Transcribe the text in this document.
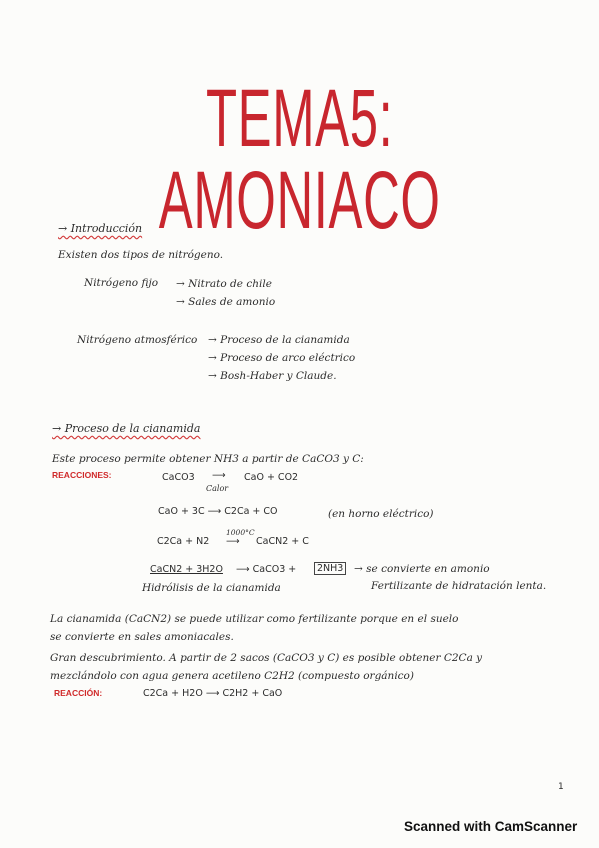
TEMA5: AMONIACO
→ Introducción
Existen dos tipos de nitrógeno.
Nitrógeno fijo → Nitrato de chile
→ Sales de amonio
Nitrógeno atmosférico → Proceso de la cianamida
→ Proceso de arco eléctrico
→ Bosh-Haber y Claude.
→ Proceso de la cianamida
Este proceso permite obtener NH3 a partir de CaCO3 y C:
REACCIONES:	CaCO3 ⟶
Calor
CaO + CO2
CaO + 3C ⟶ C2Ca + CO	(en horno eléctrico)
C2Ca + N2
1000°C
⟶ CaCN2 + C
CaCN2 + 3H2O ⟶ CaCO3 +	2NH3 → se convierte en amonio
Hidrólisis de la cianamida	Fertilizante de hidratación lenta.
La cianamida (CaCN2) se puede utilizar como fertilizante porque en el suelo
se convierte en sales amoniacales.
Gran descubrimiento. A partir de 2 sacos (CaCO3 y C) es posible obtener C2Ca y
mezclándolo con agua genera acetileno C2H2 (compuesto orgánico)
REACCIÓN:	C2Ca + H2O ⟶ C2H2 + CaO
1
Scanned with CamScanner
